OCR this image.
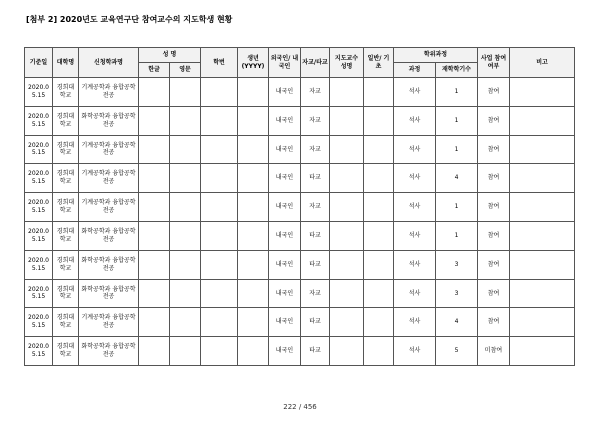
[첨부 2] 2020년도 교육연구단 참여교수의 지도학생 현황
기준일	대학명	신청학과명	성 명		학번	생년 (YYYY)	외국인/ 내국인	자교/타교	지도교수 성명	일반/ 기초	학위과정		사업 참여 여부	비고
			한글	영문							과정	재학학기수		
2020.0 5.15	경희대학교	기계공학과 융합공학전공					내국인	자교			석사	1	참여	
2020.0 5.15	경희대학교	화학공학과 융합공학전공					내국인	자교			석사	1	참여	
2020.0 5.15	경희대학교	기계공학과 융합공학전공					내국인	자교			석사	1	참여	
2020.0 5.15	경희대학교	기계공학과 융합공학전공					내국인	타교			석사	4	참여	
2020.0 5.15	경희대학교	기계공학과 융합공학전공					내국인	자교			석사	1	참여	
2020.0 5.15	경희대학교	화학공학과 융합공학전공					내국인	타교			석사	1	참여	
2020.0 5.15	경희대학교	화학공학과 융합공학전공					내국인	타교			석사	3	참여	
2020.0 5.15	경희대학교	화학공학과 융합공학전공					내국인	자교			석사	3	참여	
2020.0 5.15	경희대학교	기계공학과 융합공학전공					내국인	타교			석사	4	참여	
2020.0 5.15	경희대학교	화학공학과 융합공학전공					내국인	타교			석사	5	미참여	
222 / 456
